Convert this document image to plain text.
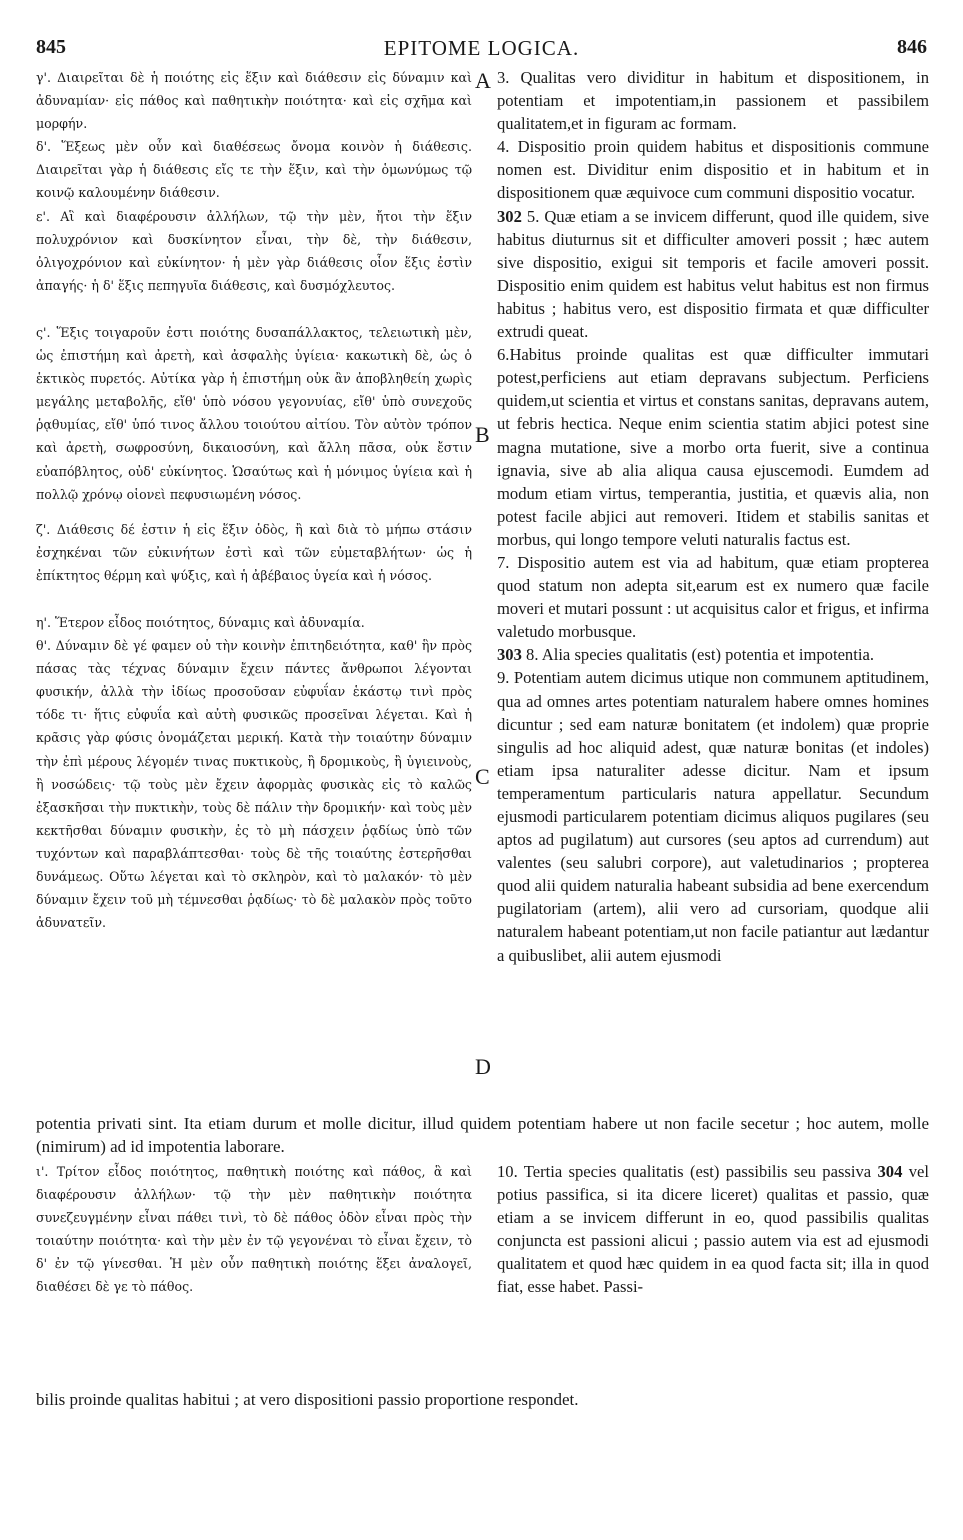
845	EPITOME LOGICA.	846

γ'. Διαιρεῖται δὲ ἡ ποιότης εἰς ἕξιν καὶ διάθεσιν εἰς δύναμιν καὶ ἀδυναμίαν· εἰς πάθος καὶ παθητικὴν ποιότητα· καὶ εἰς σχῆμα καὶ μορφήν.

δ'. Ἕξεως μὲν οὖν καὶ διαθέσεως ὄνομα κοινὸν ἡ διάθεσις. Διαιρεῖται γὰρ ἡ διάθεσις εἴς τε τὴν ἕξιν, καὶ τὴν ὁμωνύμως τῷ κοινῷ καλουμένην διάθεσιν.

ε'. Αἳ καὶ διαφέρουσιν ἀλλήλων, τῷ τὴν μὲν, ἤτοι τὴν ἕξιν πολυχρόνιον καὶ δυσκίνητον εἶναι, τὴν δὲ, τὴν διάθεσιν, ὀλιγοχρόνιον καὶ εὐκίνητον· ἡ μὲν γὰρ διάθεσις οἷον ἕξις ἐστὶν ἀπαγής· ἡ δ' ἕξις πεπηγυῖα διάθεσις, καὶ δυσμόχλευτος.

ς'. Ἕξις τοιγαροῦν ἐστι ποιότης δυσαπάλλακτος, τελειωτικὴ μὲν, ὡς ἐπιστήμη καὶ ἀρετὴ, καὶ ἀσφαλὴς ὑγίεια· κακωτικὴ δὲ, ὡς ὁ ἑκτικὸς πυρετός. Αὐτίκα γὰρ ἡ ἐπιστήμη οὐκ ἂν ἀποβληθείη χωρὶς μεγάλης μεταβολῆς, εἴθ' ὑπὸ νόσου γεγονυίας, εἴθ' ὑπὸ συνεχοῦς ῥᾳθυμίας, εἴθ' ὑπό τινος ἄλλου τοιούτου αἰτίου. Τὸν αὐτὸν τρόπον καὶ ἀρετὴ, σωφροσύνη, δικαιοσύνη, καὶ ἄλλη πᾶσα, οὐκ ἔστιν εὐαπόβλητος, οὐδ' εὐκίνητος. Ὡσαύτως καὶ ἡ μόνιμος ὑγίεια καὶ ἡ πολλῷ χρόνῳ οἱονεὶ πεφυσιωμένη νόσος.

ζ'. Διάθεσις δέ ἐστιν ἡ εἰς ἕξιν ὁδὸς, ἢ καὶ διὰ τὸ μήπω στάσιν ἐσχηκέναι τῶν εὐκινήτων ἐστὶ καὶ τῶν εὐμεταβλήτων· ὡς ἡ ἐπίκτητος θέρμη καὶ ψύξις, καὶ ἡ ἀβέβαιος ὑγεία καὶ ἡ νόσος.

η'. Ἕτερον εἶδος ποιότητος, δύναμις καὶ ἀδυναμία.

θ'. Δύναμιν δὲ γέ φαμεν οὐ τὴν κοινὴν ἐπιτηδειότητα, καθ' ἣν πρὸς πάσας τὰς τέχνας δύναμιν ἔχειν πάντες ἄνθρωποι λέγονται φυσικήν, ἀλλὰ τὴν ἰδίως προσοῦσαν εὐφυΐαν ἑκάστῳ τινὶ πρὸς τόδε τι· ἥτις εὐφυΐα καὶ αὐτὴ φυσικῶς προσεῖναι λέγεται. Καὶ ἡ κρᾶσις γὰρ φύσις ὀνομάζεται μερική. Κατὰ τὴν τοιαύτην δύναμιν τὴν ἐπὶ μέρους λέγομέν τινας πυκτικοὺς, ἢ δρομικοὺς, ἢ ὑγιεινοὺς, ἢ νοσώδεις· τῷ τοὺς μὲν ἔχειν ἀφορμὰς φυσικὰς εἰς τὸ καλῶς ἐξασκῆσαι τὴν πυκτικὴν, τοὺς δὲ πάλιν τὴν δρομικήν· καὶ τοὺς μὲν κεκτῆσθαι δύναμιν φυσικὴν, ἐς τὸ μὴ πάσχειν ῥᾳδίως ὑπὸ τῶν τυχόντων καὶ παραβλάπτεσθαι· τοὺς δὲ τῆς τοιαύτης ἐστερῆσθαι δυνάμεως. Οὕτω λέγεται καὶ τὸ σκληρὸν, καὶ τὸ μαλακόν· τὸ μὲν δύναμιν ἔχειν τοῦ μὴ τέμνεσθαι ῥᾳδίως· τὸ δὲ μαλακὸν πρὸς τοῦτο ἀδυνατεῖν.

3. Qualitas vero dividitur in habitum et dispositionem, in potentiam et impotentiam,in passionem et passibilem qualitatem,et in figuram ac formam.

4. Dispositio proin quidem habitus et dispositionis commune nomen est. Dividitur enim dispositio et in habitum et in dispositionem quæ æquivoce cum communi dispositio vocatur.

302 5. Quæ etiam a se invicem differunt, quod ille quidem, sive habitus diuturnus sit et difficulter amoveri possit ; hæc autem sive dispositio, exigui sit temporis et facile amoveri possit. Dispositio enim quidem est habitus velut habitus est non firmus habitus ; habitus vero, est dispositio firmata et quæ difficulter extrudi queat.

6.Habitus proinde qualitas est quæ difficulter immutari potest,perficiens aut etiam depravans subjectum. Perficiens quidem,ut scientia et virtus et constans sanitas, depravans autem, ut febris hectica. Neque enim scientia statim abjici potest sine magna mutatione, sive a morbo orta fuerit, sive a continua ignavia, sive ab alia aliqua causa ejuscemodi. Eumdem ad modum etiam virtus, temperantia, justitia, et quævis alia, non potest facile abjici aut removeri. Itidem et stabilis sanitas et morbus, qui longo tempore veluti naturalis factus est.

7. Dispositio autem est via ad habitum, quæ etiam propterea quod statum non adepta sit,earum est ex numero quæ facile moveri et mutari possunt : ut acquisitus calor et frigus, et infirma valetudo morbusque.

303 8. Alia species qualitatis (est) potentia et impotentia.

9. Potentiam autem dicimus utique non communem aptitudinem, qua ad omnes artes potentiam naturalem habere omnes homines dicuntur ; sed eam naturæ bonitatem (et indolem) quæ proprie singulis ad hoc aliquid adest, quæ naturæ bonitas (et indoles) etiam ipsa naturaliter adesse dicitur. Nam et ipsum temperamentum particularis natura appellatur. Secundum ejusmodi particularem potentiam dicimus aliquos pugilares (seu aptos ad pugilatum) aut cursores (seu aptos ad currendum) aut valentes (seu salubri corpore), aut valetudinarios ; propterea quod alii quidem naturalia habeant subsidia ad bene exercendum pugilatoriam (artem), alii vero ad cursoriam, quodque alii naturalem habeant potentiam,ut non facile patiantur aut lædantur a quibuslibet, alii autem ejusmodi

potentia privati sint. Ita etiam durum et molle dicitur, illud quidem potentiam habere ut non facile secetur ; hoc autem, molle (nimirum) ad id impotentia laborare.

ι'. Τρίτον εἶδος ποιότητος, παθητικὴ ποιότης καὶ πάθος, ἃ καὶ διαφέρουσιν ἀλλήλων· τῷ τὴν μὲν παθητικὴν ποιότητα συνεζευγμένην εἶναι πάθει τινὶ, τὸ δὲ πάθος ὁδὸν εἶναι πρὸς τὴν τοιαύτην ποιότητα· καὶ τὴν μὲν ἐν τῷ γεγονέναι τὸ εἶναι ἔχειν, τὸ δ' ἐν τῷ γίνεσθαι. Ἡ μὲν οὖν παθητικὴ ποιότης ἕξει ἀναλογεῖ, διαθέσει δὲ γε τὸ πάθος.

10. Tertia species qualitatis (est) passibilis seu passiva 304 vel potius passifica, si ita dicere liceret) qualitas et passio, quæ etiam a se invicem differunt in eo, quod passibilis qualitas conjuncta est passioni alicui ; passio autem via est ad ejusmodi qualitatem et quod hæc quidem in ea quod facta sit; illa in quod fiat, esse habet. Passi-

bilis proinde qualitas habitui ; at vero dispositioni passio proportione respondet.
A
B
C
D
